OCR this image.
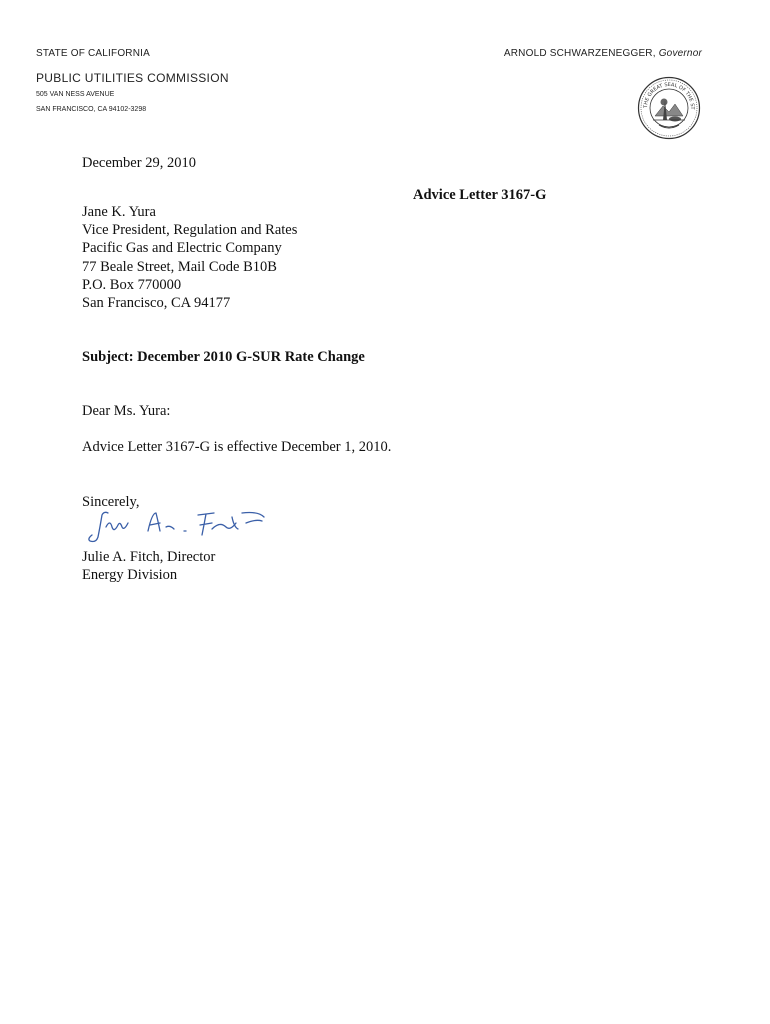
STATE OF CALIFORNIA	ARNOLD SCHWARZENEGGER, Governor
PUBLIC UTILITIES COMMISSION
505 VAN NESS AVENUE
SAN FRANCISCO, CA 94102-3298	THE GREAT SEAL OF THE ST
December 29, 2010
Advice Letter 3167-G
Jane K. Yura
Vice President, Regulation and Rates
Pacific Gas and Electric Company
77 Beale Street, Mail Code B10B
P.O. Box 770000
San Francisco, CA 94177
Subject: December 2010 G-SUR Rate Change
Dear Ms. Yura:
Advice Letter 3167-G is effective December 1, 2010.
Sincerely,
Julie A. Fitch, Director
Energy Division
